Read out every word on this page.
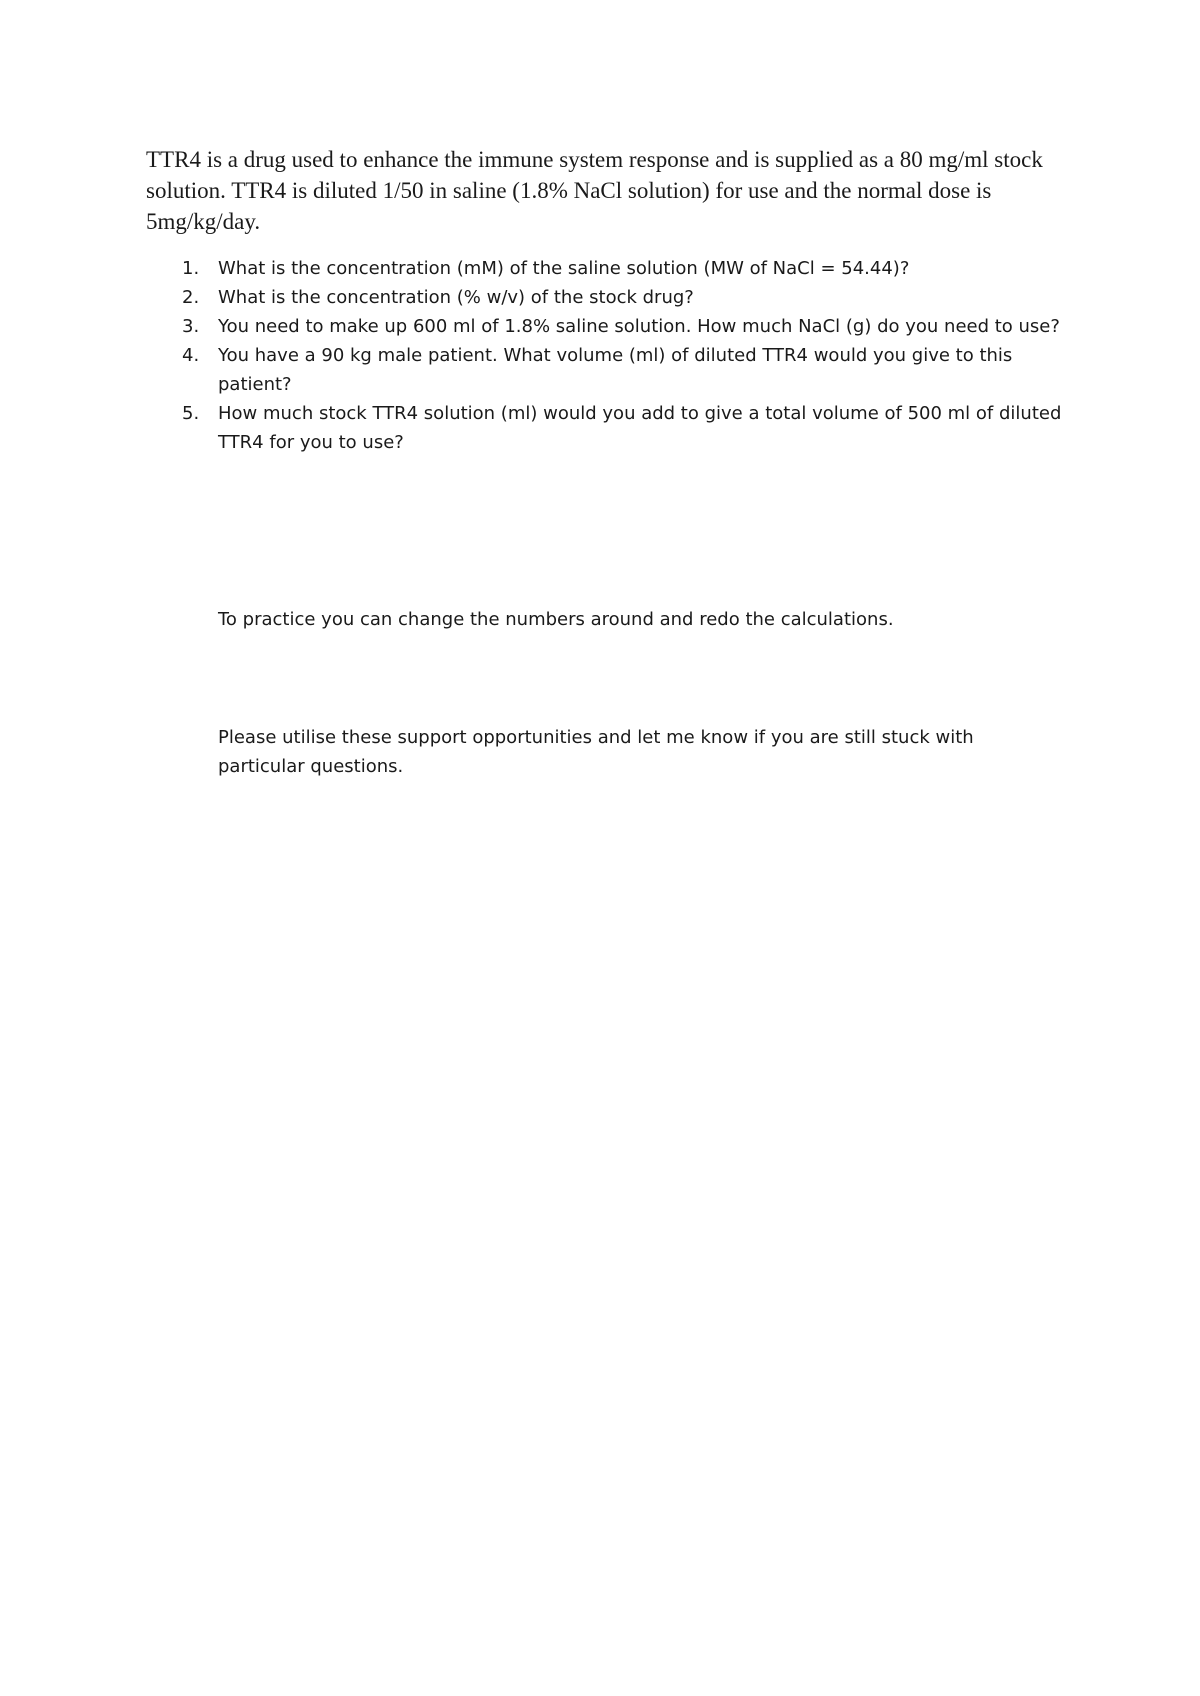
TTR4 is a drug used to enhance the immune system response and is supplied as a 80 mg/ml stock solution. TTR4 is diluted 1/50 in saline (1.8% NaCl solution) for use and the normal dose is 5mg/kg/day.

1. What is the concentration (mM) of the saline solution (MW of NaCl = 54.44)?
2. What is the concentration (% w/v) of the stock drug?
3. You need to make up 600 ml of 1.8% saline solution. How much NaCl (g) do you need to use?
4. You have a 90 kg male patient. What volume (ml) of diluted TTR4 would you give to this patient?
5. How much stock TTR4 solution (ml) would you add to give a total volume of 500 ml of diluted TTR4 for you to use?

To practice you can change the numbers around and redo the calculations.

Please utilise these support opportunities and let me know if you are still stuck with particular questions.
